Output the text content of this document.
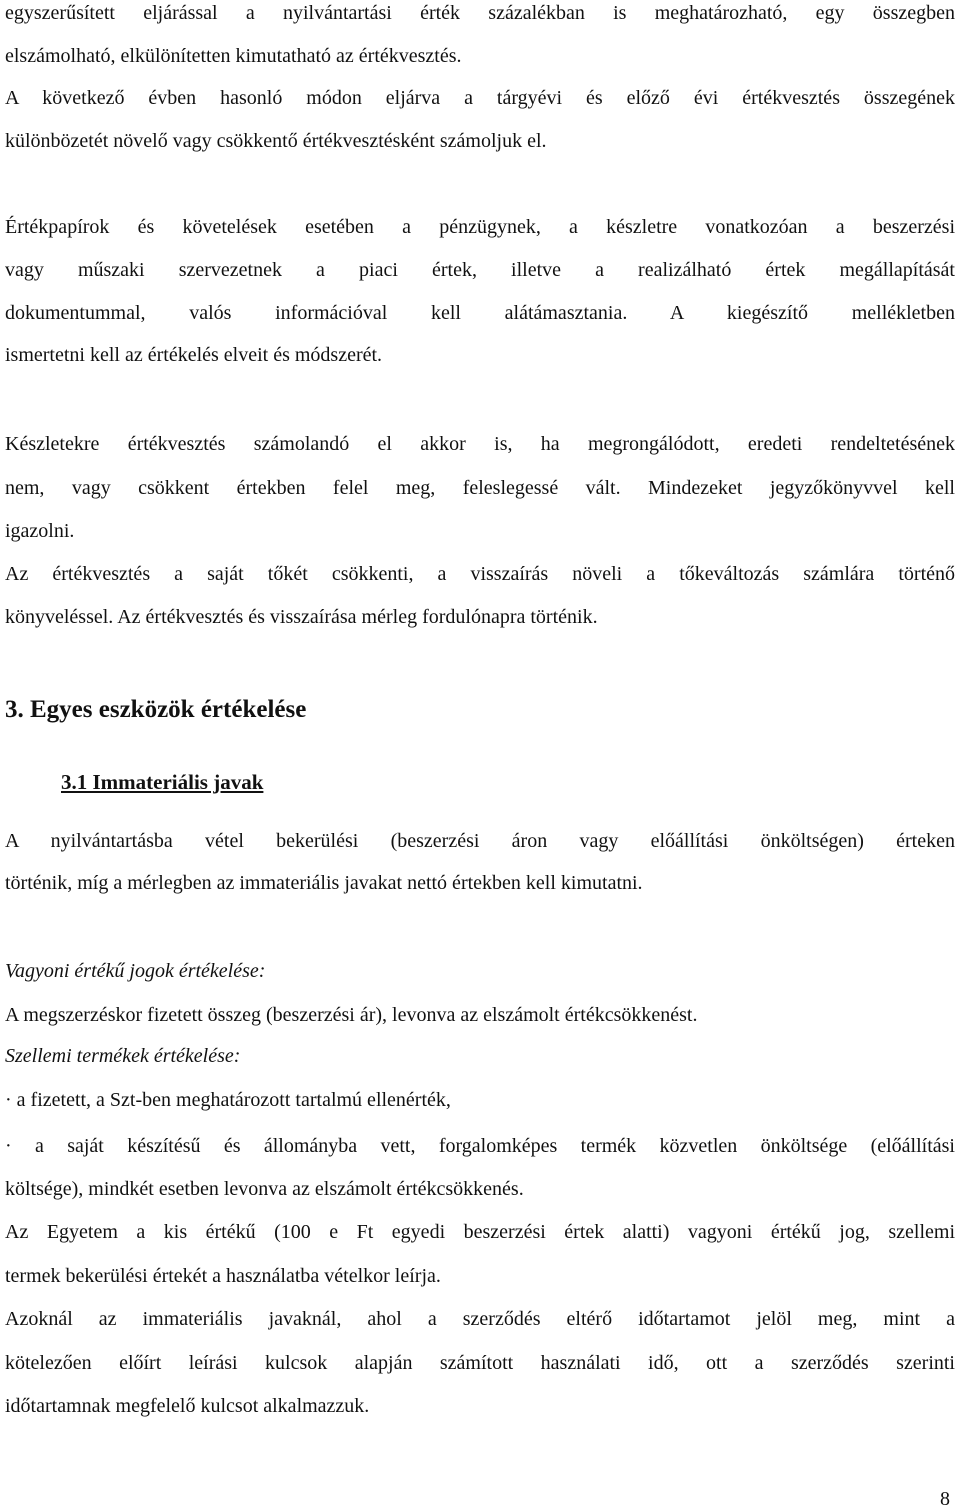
egyszerűsített eljárással a nyilvántartási érték százalékban is meghatározható, egy összegben
elszámolható, elkülönítetten kimutatható az értékvesztés.
A következő évben hasonló módon eljárva a tárgyévi és előző évi értékvesztés összegének
különbözetét növelő vagy csökkentő értékvesztésként számoljuk el.
Értékpapírok és követelések esetében a pénzügynek, a készletre vonatkozóan a beszerzési
vagy műszaki szervezetnek a piaci értek, illetve a realizálható értek megállapítását
dokumentummal, valós információval kell alátámasztania. A kiegészítő mellékletben
ismertetni kell az értékelés elveit és módszerét.
Készletekre értékvesztés számolandó el akkor is, ha megrongálódott, eredeti rendeltetésének
nem, vagy csökkent értekben felel meg, feleslegessé vált. Mindezeket jegyzőkönyvvel kell
igazolni.
Az értékvesztés a saját tőkét csökkenti, a visszaírás növeli a tőkeváltozás számlára történő
könyveléssel. Az értékvesztés és visszaírása mérleg fordulónapra történik.
3. Egyes eszközök értékelése
3.1 Immateriális javak
A nyilvántartásba vétel bekerülési (beszerzési áron vagy előállítási önköltségen) érteken
történik, míg a mérlegben az immateriális javakat nettó értekben kell kimutatni.
Vagyoni értékű jogok értékelése:
A megszerzéskor fizetett összeg (beszerzési ár), levonva az elszámolt értékcsökkenést.
Szellemi termékek értékelése:
· a fizetett, a Szt-ben meghatározott tartalmú ellenérték,
· a saját készítésű és állományba vett, forgalomképes termék közvetlen önköltsége (előállítási
költsége), mindkét esetben levonva az elszámolt értékcsökkenés.
Az Egyetem a kis értékű (100 e Ft egyedi beszerzési értek alatti) vagyoni értékű jog, szellemi
termek bekerülési értekét a használatba vételkor leírja.
Azoknál az immateriális javaknál, ahol a szerződés eltérő időtartamot jelöl meg, mint a
kötelezően előírt leírási kulcsok alapján számított használati idő, ott a szerződés szerinti
időtartamnak megfelelő kulcsot alkalmazzuk.
8
